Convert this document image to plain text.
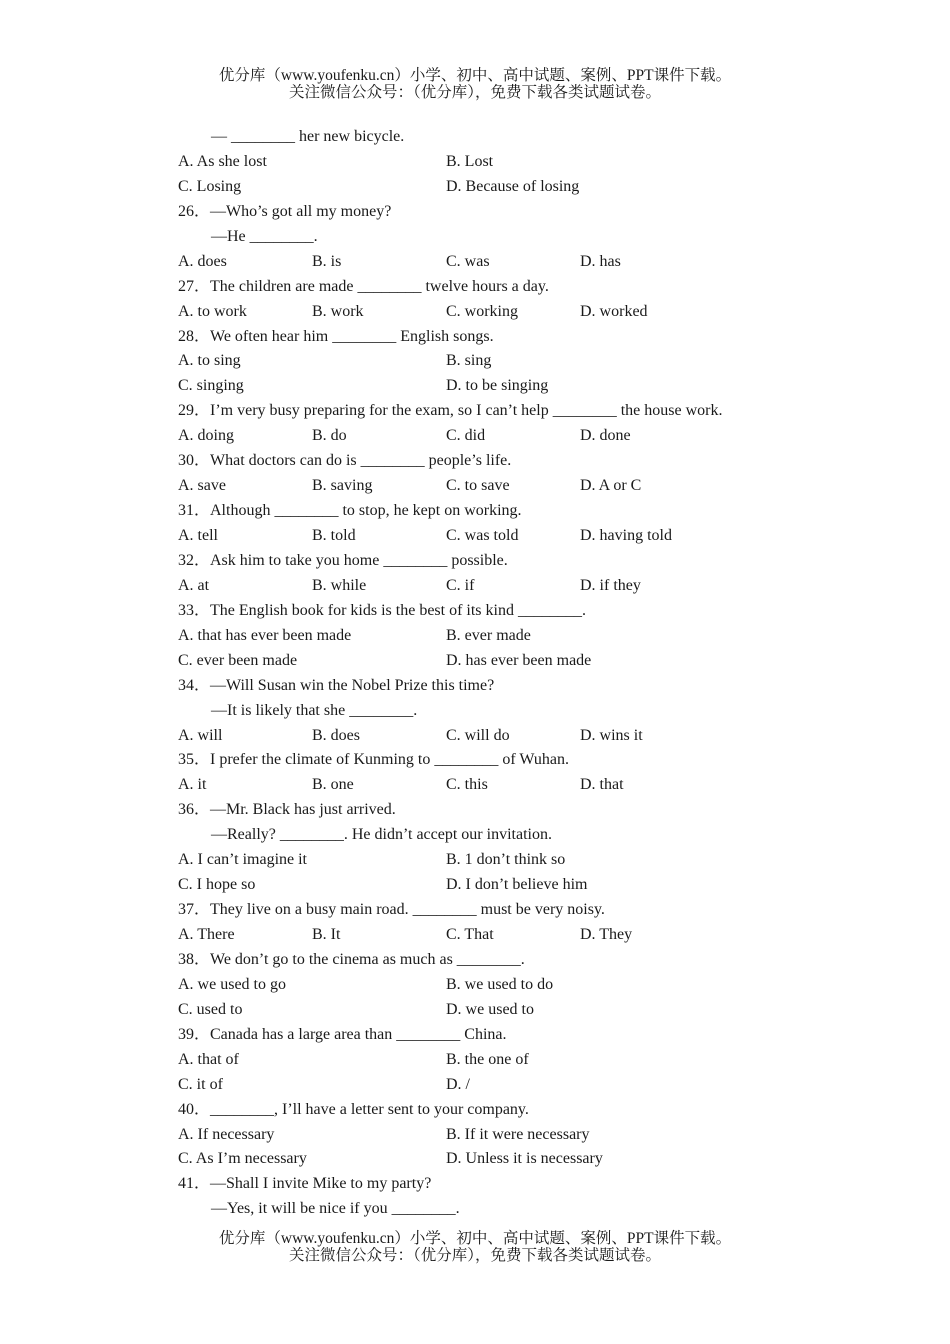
优分库（www.youfenku.cn）小学、初中、高中试题、案例、PPT课件下载。
关注微信公众号：（优分库），免费下载各类试题试卷。
— ________ her new bicycle.
A. As she lost	B. Lost
C. Losing	D. Because of losing
26．—Who’s got all my money?
—He ________.
A. does	B. is	C. was	D. has
27．The children are made ________ twelve hours a day.
A. to work	B. work	C. working	D. worked
28．We often hear him ________ English songs.
A. to sing	B. sing
C. singing	D. to be singing
29．I’m very busy preparing for the exam, so I can’t help ________ the house work.
A. doing	B. do	C. did	D. done
30．What doctors can do is ________ people’s life.
A. save	B. saving	C. to save	D. A or C
31．Although ________ to stop, he kept on working.
A. tell	B. told	C. was told	D. having told
32．Ask him to take you home ________ possible.
A. at	B. while	C. if	D. if they
33．The English book for kids is the best of its kind ________.
A. that has ever been made	B. ever made
C. ever been made	D. has ever been made
34．—Will Susan win the Nobel Prize this time?
—It is likely that she ________.
A. will	B. does	C. will do	D. wins it
35．I prefer the climate of Kunming to ________ of Wuhan.
A. it	B. one	C. this	D. that
36．—Mr. Black has just arrived.
—Really? ________. He didn’t accept our invitation.
A. I can’t imagine it	B. 1 don’t think so
C. I hope so	D. I don’t believe him
37．They live on a busy main road. ________ must be very noisy.
A. There	B. It	C. That	D. They
38．We don’t go to the cinema as much as ________.
A. we used to go	B. we used to do
C. used to	D. we used to
39．Canada has a large area than ________ China.
A. that of	B. the one of
C. it of	D. /
40．________, I’ll have a letter sent to your company.
A. If necessary	B. If it were necessary
C. As I’m necessary	D. Unless it is necessary
41．—Shall I invite Mike to my party?
—Yes, it will be nice if you ________.
优分库（www.youfenku.cn）小学、初中、高中试题、案例、PPT课件下载。
关注微信公众号：（优分库），免费下载各类试题试卷。
